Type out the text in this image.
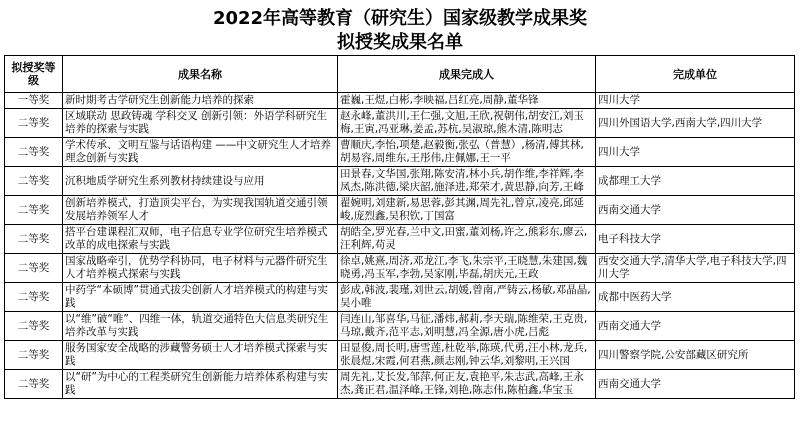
2022年高等教育（研究生）国家级教学成果奖
拟授奖成果名单
拟授奖等级	成果名称	成果完成人	完成单位
一等奖	新时期考古学研究生创新能力培养的探索	霍巍,王煜,白彬,李映福,吕红亮,周静,董华锋	四川大学
二等奖	区域联动 思政铸魂 学科交叉 创新引领：外语学科研究生培养的探索与实践	赵永峰,董洪川,王仁强,文旭,王欣,祝朝伟,胡安江,刘玉梅,王寅,冯亚琳,姜孟,苏杭,吴淑琼,熊木清,陈明志	四川外国语大学,西南大学,四川大学
二等奖	学术传承、文明互鉴与话语构建 ——中文研究生人才培养理念创新与实践	曹顺庆,李怡,项楚,赵毅衡,张弘（普慧）,杨清,傅其林,胡易容,周维东,王彤伟,庄佩娜,王一平	四川大学
二等奖	沉积地质学研究生系列教材持续建设与应用	田景春,文华国,张翔,陈安清,林小兵,胡作维,李祥辉,李凤杰,陈洪德,梁庆韶,施泽进,郑荣才,黄思静,向芳,王峰	成都理工大学
二等奖	创新培养模式，打造顶尖平台，为实现我国轨道交通引领发展培养领军人才	翟婉明,刘建新,易思蓉,彭其渊,周先礼,曾京,凌亮,邱延峻,庞烈鑫,吴积钦,丁国富	西南交通大学
二等奖	搭平台建课程汇双师，电子信息专业学位研究生培养模式改革的成电探索与实践	胡皓全,罗光春,兰中文,田蜜,董刘杨,许之,熊彩东,廖云,汪利辉,苟灵	电子科技大学
二等奖	国家战略牵引，优势学科协同，电子材料与元器件研究生人才培养模式探索与实践	徐卓,姚熹,周济,邓龙江,李飞,朱宗平,王晓慧,朱建国,魏晓勇,冯玉军,李勃,吴家刚,毕磊,胡庆元,王政	西安交通大学,清华大学,电子科技大学,四川大学
二等奖	中药学“本硕博”贯通式拔尖创新人才培养模式的构建与实践	彭成,韩波,裴瑾,刘世云,胡媛,曾南,严铸云,杨敏,邓晶晶,吴小唯	成都中医药大学
二等奖	以“维”破“唯”、四维一体，轨道交通特色大信息类研究生培养改革与实践	闫连山,邹喜华,马征,潘炜,郝莉,李天瑞,陈维荣,王克贵,马琼,戴齐,范平志,刘明慧,冯全源,唐小虎,吕彪	西南交通大学
二等奖	服务国家安全战略的涉藏警务硕士人才培养模式探索与实践	田显俊,周长明,唐雪莲,杜乾举,陈瑛,代勇,汪小林,龙兵,张晨煜,宋霞,何君燕,颜志刚,钟云华,刘黎明,王兴国	四川警察学院,公安部藏区研究所
二等奖	以“研”为中心的工程类研究生创新能力培养体系构建与实践	周先礼,艾长发,邹萍,何正友,袁艳平,朱志武,高峰,王永杰,龚正君,温泽峰,王锋,刘艳,陈志伟,陈柏鑫,华宝玉	西南交通大学
